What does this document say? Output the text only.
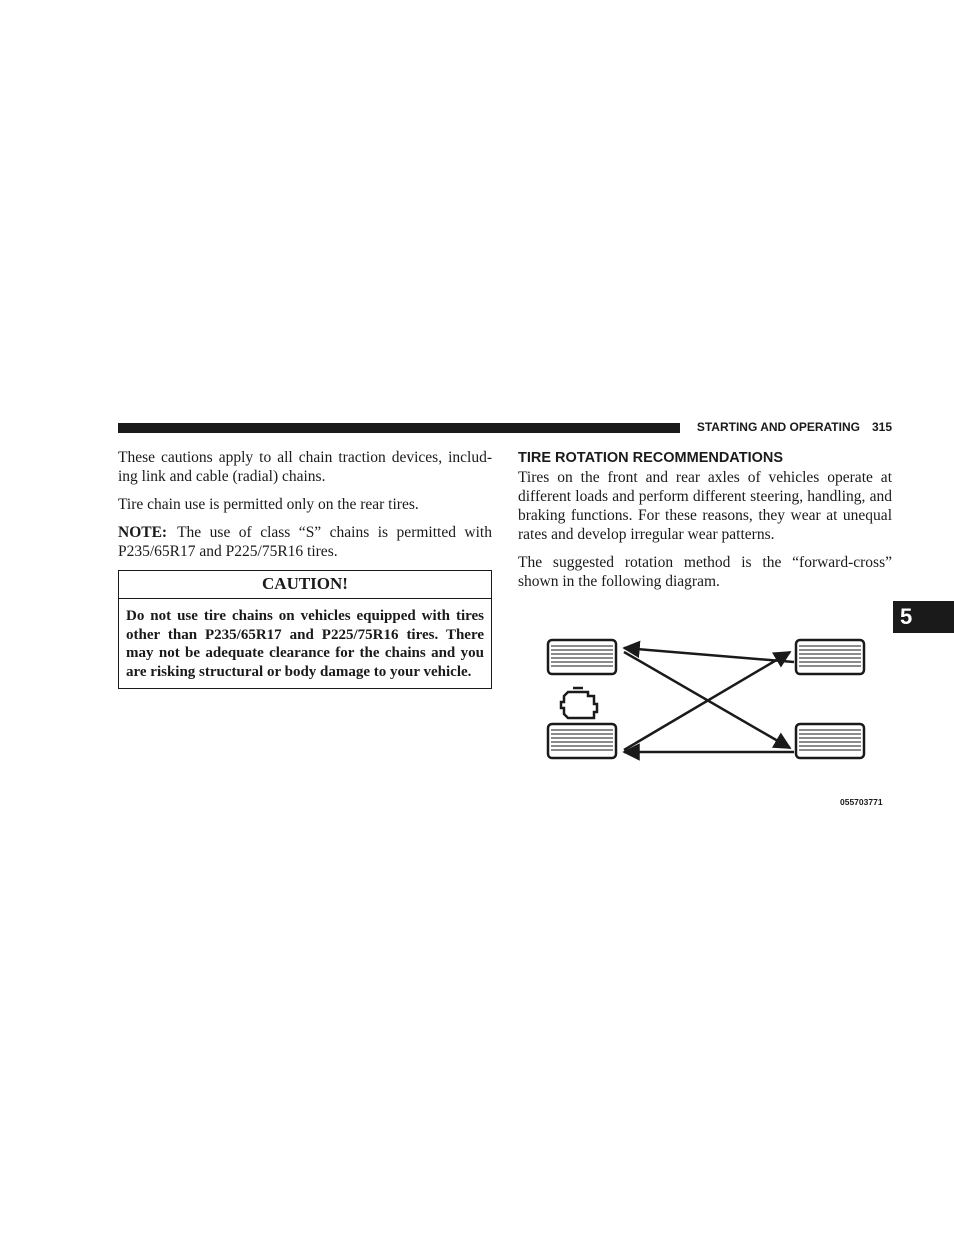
STARTING AND OPERATING 315

These cautions apply to all chain traction devices, includ-ing link and cable (radial) chains.

Tire chain use is permitted only on the rear tires.

NOTE: The use of class “S” chains is permitted with P235/65R17 and P225/75R16 tires.

CAUTION!
Do not use tire chains on vehicles equipped with tires other than P235/65R17 and P225/75R16 tires. There may not be adequate clearance for the chains and you are risking structural or body damage to your vehicle.
TIRE ROTATION RECOMMENDATIONS

Tires on the front and rear axles of vehicles operate at different loads and perform different steering, handling, and braking functions. For these reasons, they wear at unequal rates and develop irregular wear patterns.

The suggested rotation method is the “forward-cross” shown in the following diagram.

055703771
5
